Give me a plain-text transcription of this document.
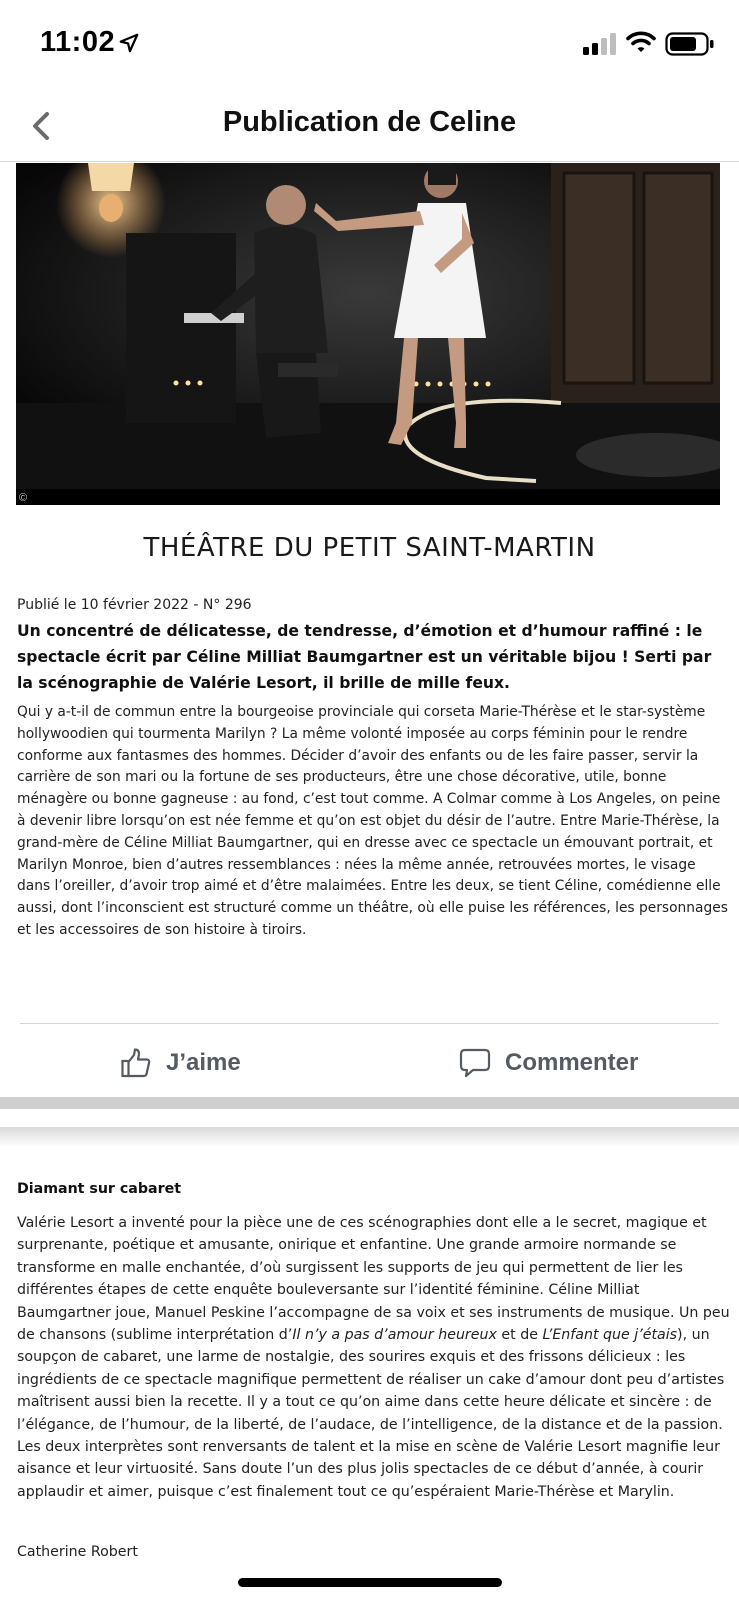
11:02
Publication de Celine
©
THÉÂTRE DU PETIT SAINT-MARTIN
Publié le 10 février 2022 - N° 296
Un concentré de délicatesse, de tendresse, d’émotion et d’humour raffiné : le spectacle écrit par Céline Milliat Baumgartner est un véritable bijou ! Serti par la scénographie de Valérie Lesort, il brille de mille feux.
Qui y a-t-il de commun entre la bourgeoise provinciale qui corseta Marie-Thérèse et le star-système hollywoodien qui tourmenta Marilyn ? La même volonté imposée au corps féminin pour le rendre conforme aux fantasmes des hommes. Décider d’avoir des enfants ou de les faire passer, servir la carrière de son mari ou la fortune de ses producteurs, être une chose décorative, utile, bonne ménagère ou bonne gagneuse : au fond, c’est tout comme. A Colmar comme à Los Angeles, on peine à devenir libre lorsqu’on est née femme et qu’on est objet du désir de l’autre. Entre Marie-Thérèse, la grand-mère de Céline Milliat Baumgartner, qui en dresse avec ce spectacle un émouvant portrait, et Marilyn Monroe, bien d’autres ressemblances : nées la même année, retrouvées mortes, le visage dans l’oreiller, d’avoir trop aimé et d’être malaimées. Entre les deux, se tient Céline, comédienne elle aussi, dont l’inconscient est structuré comme un théâtre, où elle puise les références, les personnages et les accessoires de son histoire à tiroirs.
J’aime	Commenter
Diamant sur cabaret
Valérie Lesort a inventé pour la pièce une de ces scénographies dont elle a le secret, magique et surprenante, poétique et amusante, onirique et enfantine. Une grande armoire normande se transforme en malle enchantée, d’où surgissent les supports de jeu qui permettent de lier les différentes étapes de cette enquête bouleversante sur l’identité féminine. Céline Milliat Baumgartner joue, Manuel Peskine l’accompagne de sa voix et ses instruments de musique. Un peu de chansons (sublime interprétation d’Il n’y a pas d’amour heureux et de L’Enfant que j’étais), un soupçon de cabaret, une larme de nostalgie, des sourires exquis et des frissons délicieux : les ingrédients de ce spectacle magnifique permettent de réaliser un cake d’amour dont peu d’artistes maîtrisent aussi bien la recette. Il y a tout ce qu’on aime dans cette heure délicate et sincère : de l’élégance, de l’humour, de la liberté, de l’audace, de l’intelligence, de la distance et de la passion. Les deux interprètes sont renversants de talent et la mise en scène de Valérie Lesort magnifie leur aisance et leur virtuosité. Sans doute l’un des plus jolis spectacles de ce début d’année, à courir applaudir et aimer, puisque c’est finalement tout ce qu’espéraient Marie-Thérèse et Marylin.
Catherine Robert
